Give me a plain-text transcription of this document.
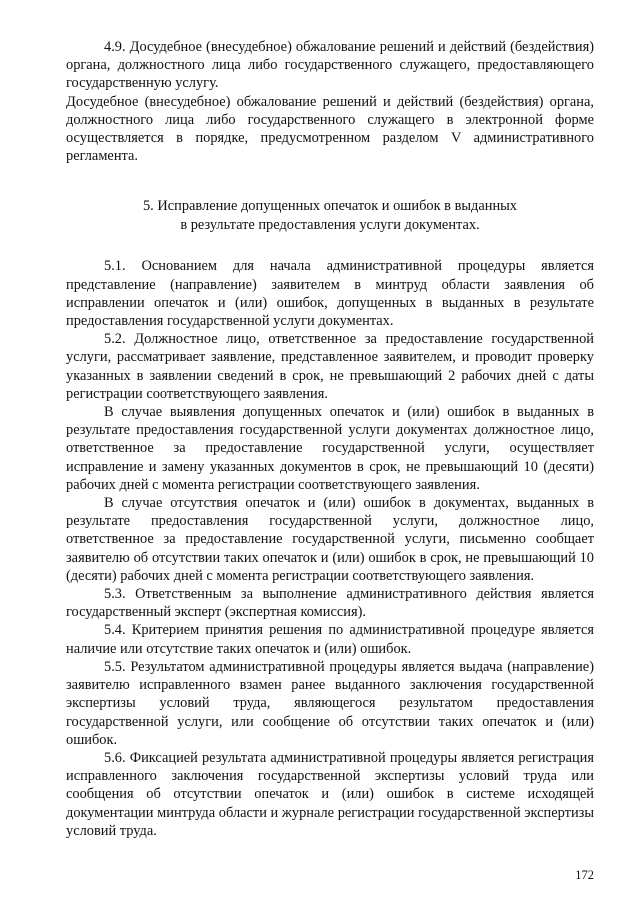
4.9. Досудебное (внесудебное) обжалование решений и действий (бездействия) органа, должностного лица либо государственного служащего, предоставляющего государственную услугу.

Досудебное (внесудебное) обжалование решений и действий (бездействия) органа, должностного лица либо государственного служащего в электронной форме осуществляется в порядке, предусмотренном разделом V административного регламента.

5. Исправление допущенных опечаток и ошибок в выданных
в результате предоставления услуги документах.

5.1. Основанием для начала административной процедуры является представление (направление) заявителем в минтруд области заявления об исправлении опечаток и (или) ошибок, допущенных в выданных в результате предоставления государственной услуги документах.

5.2. Должностное лицо, ответственное за предоставление государственной услуги, рассматривает заявление, представленное заявителем, и проводит проверку указанных в заявлении сведений в срок, не превышающий 2 рабочих дней с даты регистрации соответствующего заявления.

В случае выявления допущенных опечаток и (или) ошибок в выданных в результате предоставления государственной услуги документах должностное лицо, ответственное за предоставление государственной услуги, осуществляет исправление и замену указанных документов в срок, не превышающий 10 (десяти) рабочих дней с момента регистрации соответствующего заявления.

В случае отсутствия опечаток и (или) ошибок в документах, выданных в результате предоставления государственной услуги, должностное лицо, ответственное за предоставление государственной услуги, письменно сообщает заявителю об отсутствии таких опечаток и (или) ошибок в срок, не превышающий 10 (десяти) рабочих дней с момента регистрации соответствующего заявления.

5.3. Ответственным за выполнение административного действия является государственный эксперт (экспертная комиссия).

5.4. Критерием принятия решения по административной процедуре является наличие или отсутствие таких опечаток и (или) ошибок.

5.5. Результатом административной процедуры является выдача (направление) заявителю исправленного взамен ранее выданного заключения государственной экспертизы условий труда, являющегося результатом предоставления государственной услуги, или сообщение об отсутствии таких опечаток и (или) ошибок.

5.6. Фиксацией результата административной процедуры является регистрация исправленного заключения государственной экспертизы условий труда или сообщения об отсутствии опечаток и (или) ошибок в системе исходящей документации минтруда области и журнале регистрации государственной экспертизы условий труда.

172
